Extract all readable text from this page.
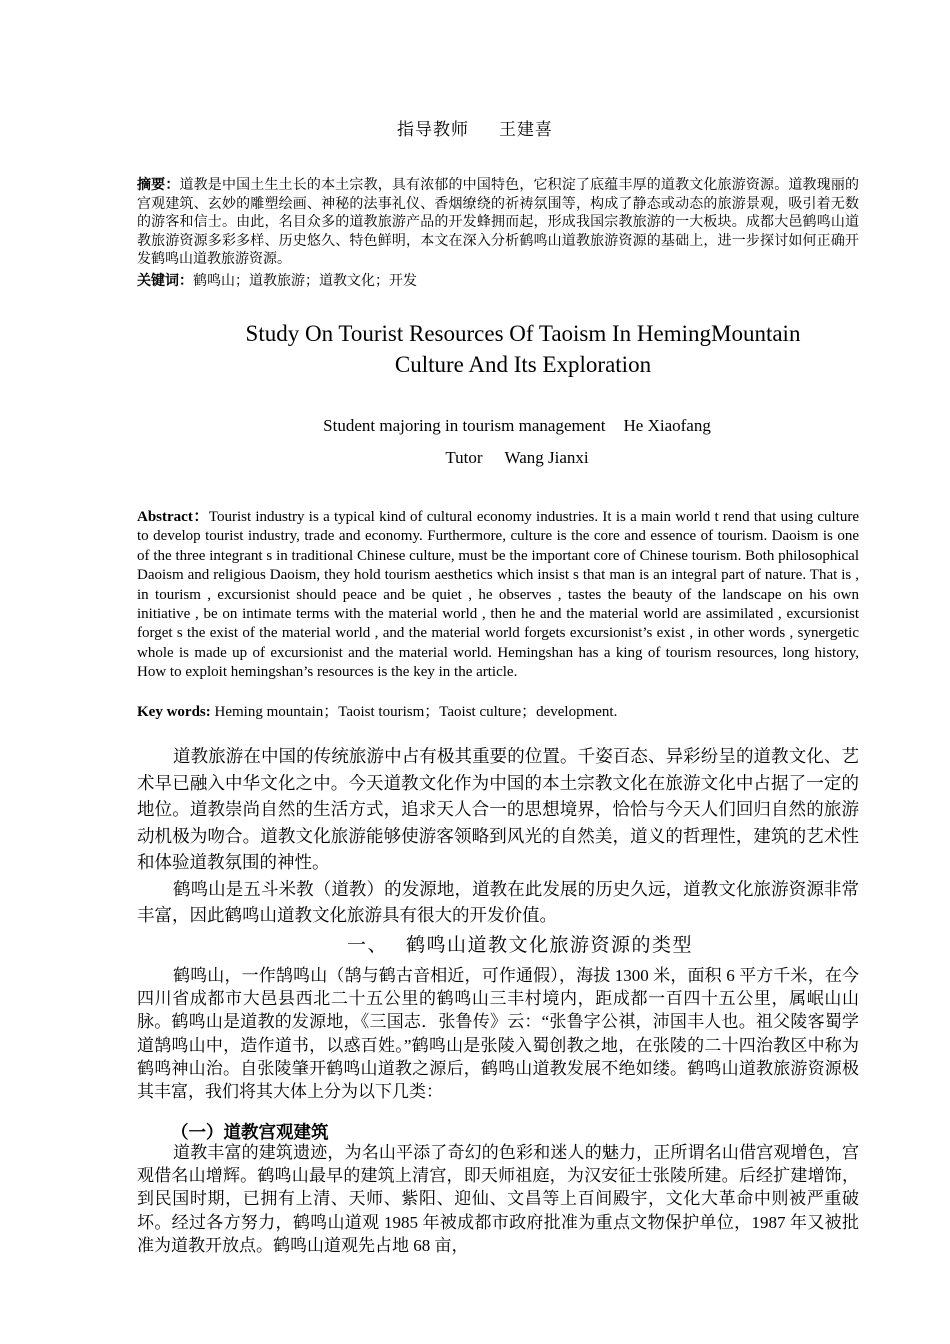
指导教师 王建喜
摘要：道教是中国土生土长的本土宗教，具有浓郁的中国特色，它积淀了底蕴丰厚的道教文化旅游资源。道教瑰丽的宫观建筑、玄妙的雕塑绘画、神秘的法事礼仪、香烟缭绕的祈祷氛围等，构成了静态或动态的旅游景观，吸引着无数的游客和信士。由此，名目众多的道教旅游产品的开发蜂拥而起，形成我国宗教旅游的一大板块。成都大邑鹤鸣山道教旅游资源多彩多样、历史悠久、特色鲜明，本文在深入分析鹤鸣山道教旅游资源的基础上，进一步探讨如何正确开发鹤鸣山道教旅游资源。
关键词：鹤鸣山；道教旅游；道教文化；开发
Study On Tourist Resources Of Taoism In HemingMountain
Culture And Its Exploration
Student majoring in tourism management He Xiaofang
Tutor Wang Jianxi
Abstract：Tourist industry is a typical kind of cultural economy industries. It is a main world t rend that using culture to develop tourist industry, trade and economy. Furthermore, culture is the core and essence of tourism. Daoism is one of the three integrant s in traditional Chinese culture, must be the important core of Chinese tourism. Both philosophical Daoism and religious Daoism, they hold tourism aesthetics which insist s that man is an integral part of nature. That is , in tourism , excursionist should peace and be quiet , he observes , tastes the beauty of the landscape on his own initiative , be on intimate terms with the material world , then he and the material world are assimilated , excursionist forget s the exist of the material world , and the material world forgets excursionist’s exist , in other words , synergetic whole is made up of excursionist and the material world. Hemingshan has a king of tourism resources, long history, How to exploit hemingshan’s resources is the key in the article.
Key words: Heming mountain；Taoist tourism；Taoist culture；development.

道教旅游在中国的传统旅游中占有极其重要的位置。千姿百态、异彩纷呈的道教文化、艺术早已融入中华文化之中。今天道教文化作为中国的本土宗教文化在旅游文化中占据了一定的地位。道教崇尚自然的生活方式，追求天人合一的思想境界，恰恰与今天人们回归自然的旅游动机极为吻合。道教文化旅游能够使游客领略到风光的自然美，道义的哲理性，建筑的艺术性和体验道教氛围的神性。

鹤鸣山是五斗米教（道教）的发源地，道教在此发展的历史久远，道教文化旅游资源非常丰富，因此鹤鸣山道教文化旅游具有很大的开发价值。

一、 鹤鸣山道教文化旅游资源的类型

鹤鸣山，一作鹄鸣山（鹄与鹤古音相近，可作通假），海拔 1300 米，面积 6 平方千米，在今四川省成都市大邑县西北二十五公里的鹤鸣山三丰村境内，距成都一百四十五公里，属岷山山脉。鹤鸣山是道教的发源地，《三国志．张鲁传》云：“张鲁字公祺，沛国丰人也。祖父陵客蜀学道鹄鸣山中，造作道书，以惑百姓。”鹤鸣山是张陵入蜀创教之地，在张陵的二十四治教区中称为鹤鸣神山治。自张陵肇开鹤鸣山道教之源后，鹤鸣山道教发展不绝如缕。鹤鸣山道教旅游资源极其丰富，我们将其大体上分为以下几类：

（一）道教宫观建筑

道教丰富的建筑遗迹，为名山平添了奇幻的色彩和迷人的魅力，正所谓名山借宫观增色，宫观借名山增辉。鹤鸣山最早的建筑上清宫，即天师祖庭，为汉安征士张陵所建。后经扩建增饰，到民国时期，已拥有上清、天师、紫阳、迎仙、文昌等上百间殿宇，文化大革命中则被严重破坏。经过各方努力，鹤鸣山道观 1985 年被成都市政府批准为重点文物保护单位，1987 年又被批准为道教开放点。鹤鸣山道观先占地 68 亩，
